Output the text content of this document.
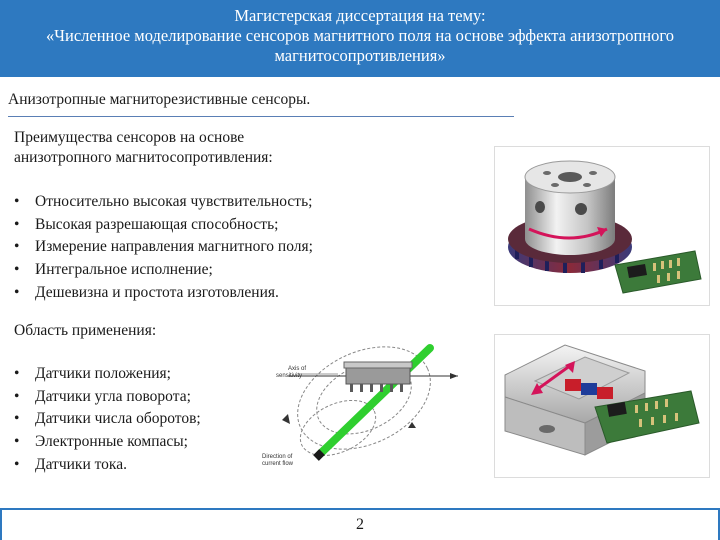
Магистерская диссертация на тему:
«Численное моделирование сенсоров магнитного поля на основе эффекта анизотропного
магнитосопротивления»
Анизотропные магниторезистивные сенсоры.
Преимущества сенсоров на основе
анизотропного магнитосопротивления:
• Относительно высокая чувствительность;
• Высокая разрешающая способность;
• Измерение направления магнитного поля;
• Интегральное исполнение;
• Дешевизна и простота изготовления.
Область применения:
• Датчики положения;
• Датчики угла поворота;
• Датчики числа оборотов;
• Электронные компасы;
• Датчики тока.
Axis of sensitivity
Direction of current flow
2
